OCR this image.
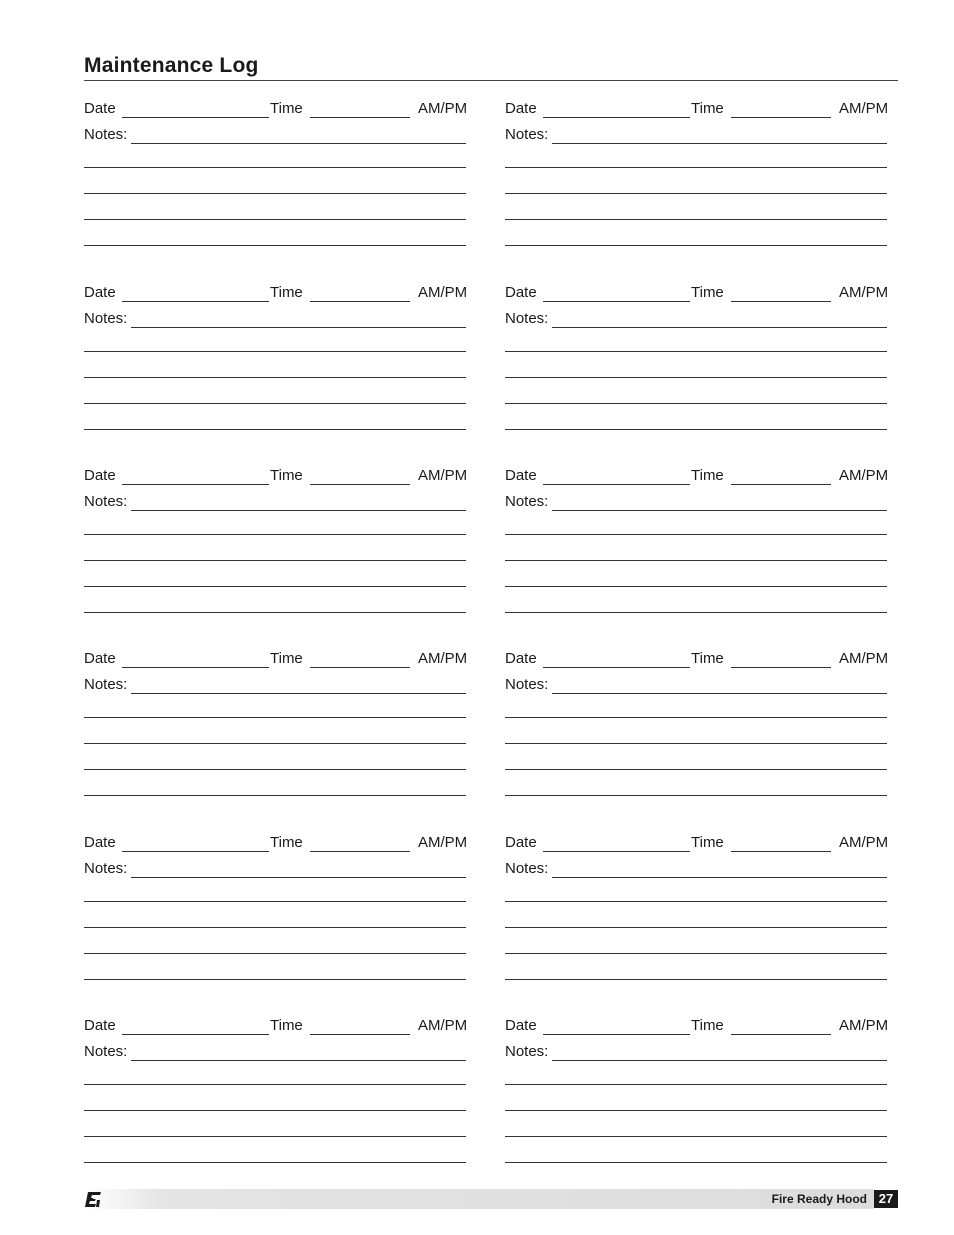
Maintenance Log
Date	Time	AM/PM
Notes:
Date	Time	AM/PM
Notes:
Date	Time	AM/PM
Notes:
Date	Time	AM/PM
Notes:
Date	Time	AM/PM
Notes:
Date	Time	AM/PM
Notes:
Date	Time	AM/PM
Notes:
Date	Time	AM/PM
Notes:
Date	Time	AM/PM
Notes:
Date	Time	AM/PM
Notes:
Date	Time	AM/PM
Notes:
Date	Time	AM/PM
Notes:
Fire Ready Hood 27
